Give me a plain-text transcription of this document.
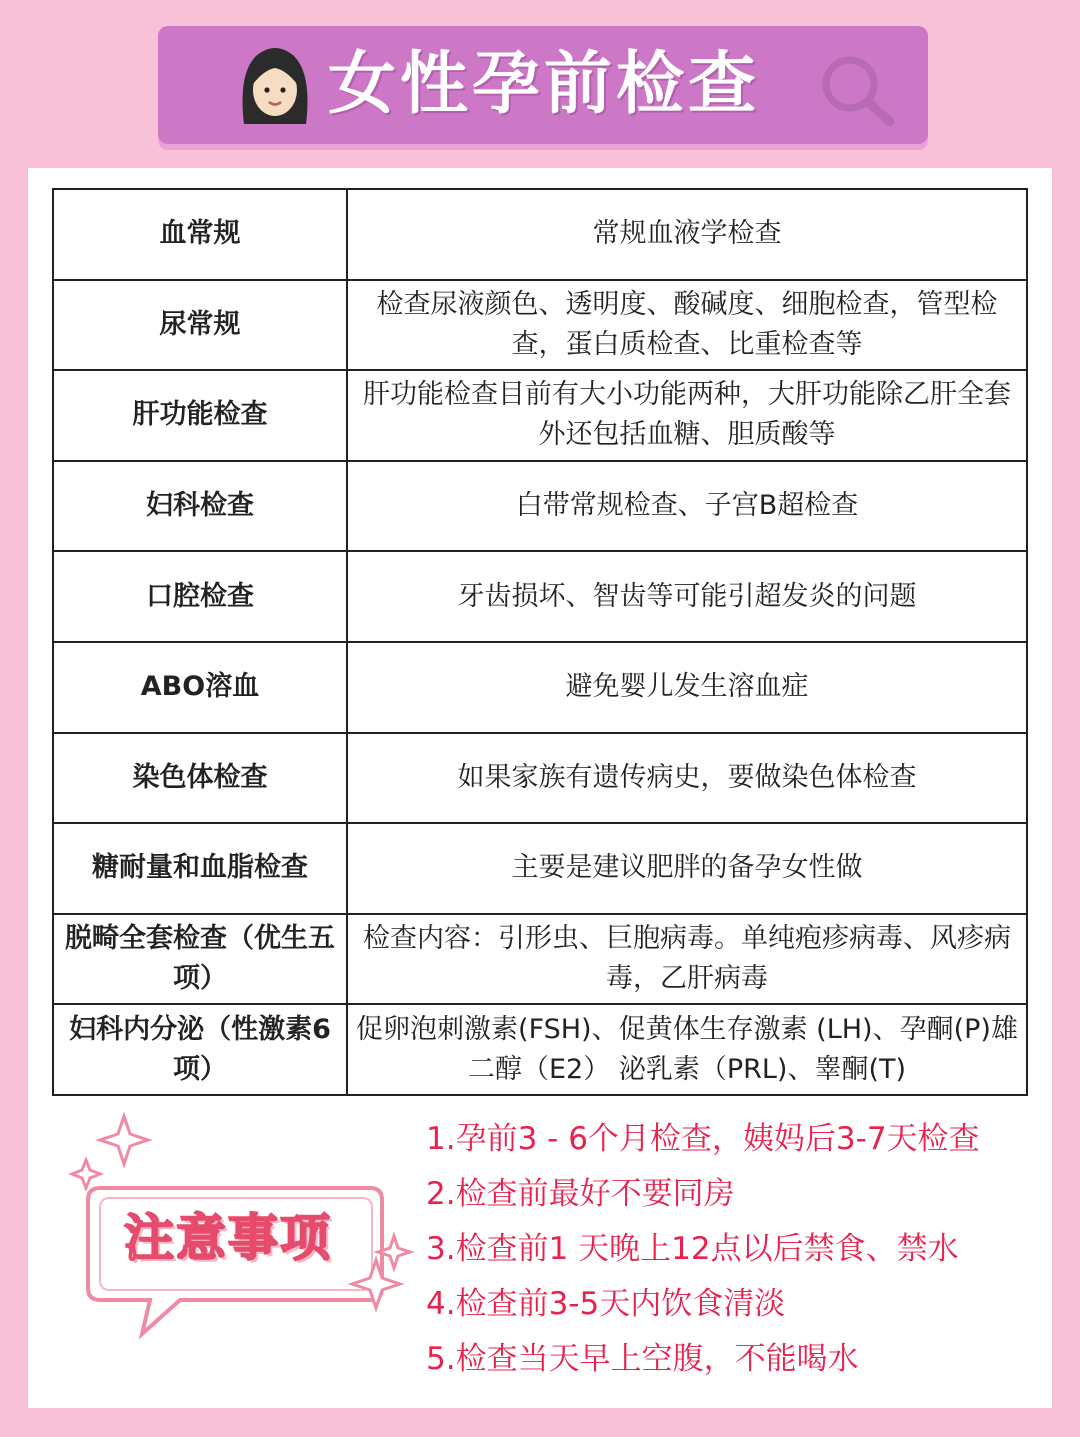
女性孕前检查
血常规	常规血液学检查
尿常规	检查尿液颜色、透明度、酸碱度、细胞检查，管型检查，蛋白质检查、比重检查等
肝功能检查	肝功能检查目前有大小功能两种，大肝功能除乙肝全套外还包括血糖、胆质酸等
妇科检查	白带常规检查、子宫B超检查
口腔检查	牙齿损坏、智齿等可能引超发炎的问题
ABO溶血	避免婴儿发生溶血症
染色体检查	如果家族有遗传病史，要做染色体检查
糖耐量和血脂检查	主要是建议肥胖的备孕女性做
脱畸全套检查（优生五项）	检查内容：引形虫、巨胞病毒。单纯疱疹病毒、风疹病毒，乙肝病毒
妇科内分泌（性激素6项）	促卵泡刺激素(FSH)、促黄体生存激素 (LH)、孕酮(P)雄二醇（E2） 泌乳素（PRL)、睾酮(T)
注意事项
1.孕前3 - 6个月检查，姨妈后3-7天检查
2.检查前最好不要同房
3.检查前1 天晚上12点以后禁食、禁水
4.检查前3-5天内饮食清淡
5.检查当天早上空腹，不能喝水
